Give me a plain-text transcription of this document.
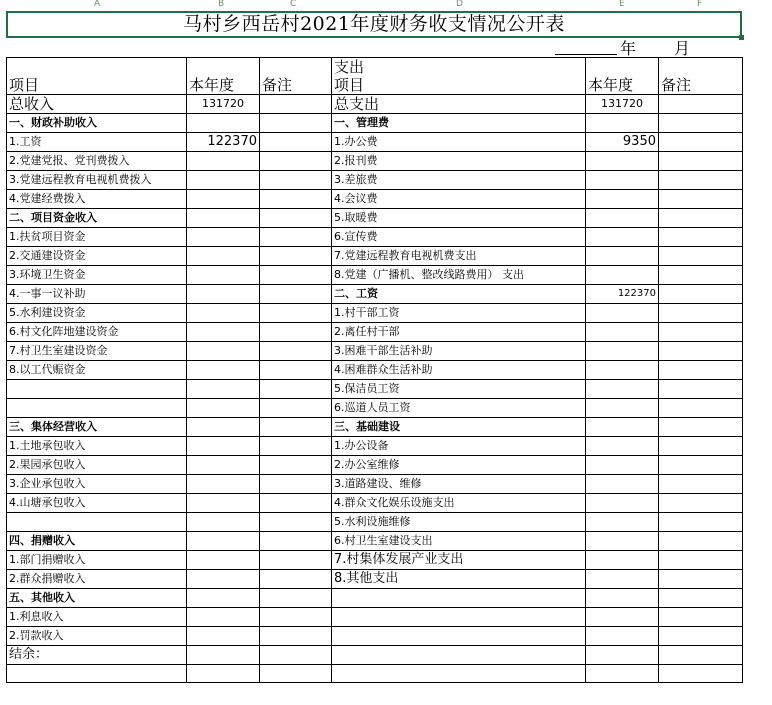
A	B	C	D	E	F
马村乡西岳村2021年度财务收支情况公开表
年 月
			支出		
项目	本年度	备注	项目	本年度	备注
总收入	131720		总支出	131720	
一、财政补助收入			一、管理费		
1.工资	122370		1.办公费	9350	
2.党建党报、党刊费拨入			2.报刊费		
3.党建远程教育电视机费拨入			3.差旅费		
4.党建经费拨入			4.会议费		
二、项目资金收入			5.取暖费		
1.扶贫项目资金			6.宣传费		
2.交通建设资金			7.党建远程教育电视机费支出		
3.环境卫生资金			8.党建（广播机、整改线路费用） 支出		
4.一事一议补助			二、工资	122370	
5.水利建设资金			1.村干部工资		
6.村文化阵地建设资金			2.离任村干部		
7.村卫生室建设资金			3.困难干部生活补助		
8.以工代赈资金			4.困难群众生活补助		
			5.保洁员工资		
			6.巡道人员工资		
三、集体经营收入			三、基础建设		
1.土地承包收入			1.办公设备		
2.果园承包收入			2.办公室维修		
3.企业承包收入			3.道路建设、维修		
4.山塘承包收入			4.群众文化娱乐设施支出		
			5.水利设施维修		
四、捐赠收入			6.村卫生室建设支出		
1.部门捐赠收入			7.村集体发展产业支出		
2.群众捐赠收入			8.其他支出		
五、其他收入					
1.利息收入					
2.罚款收入					
结余：					
